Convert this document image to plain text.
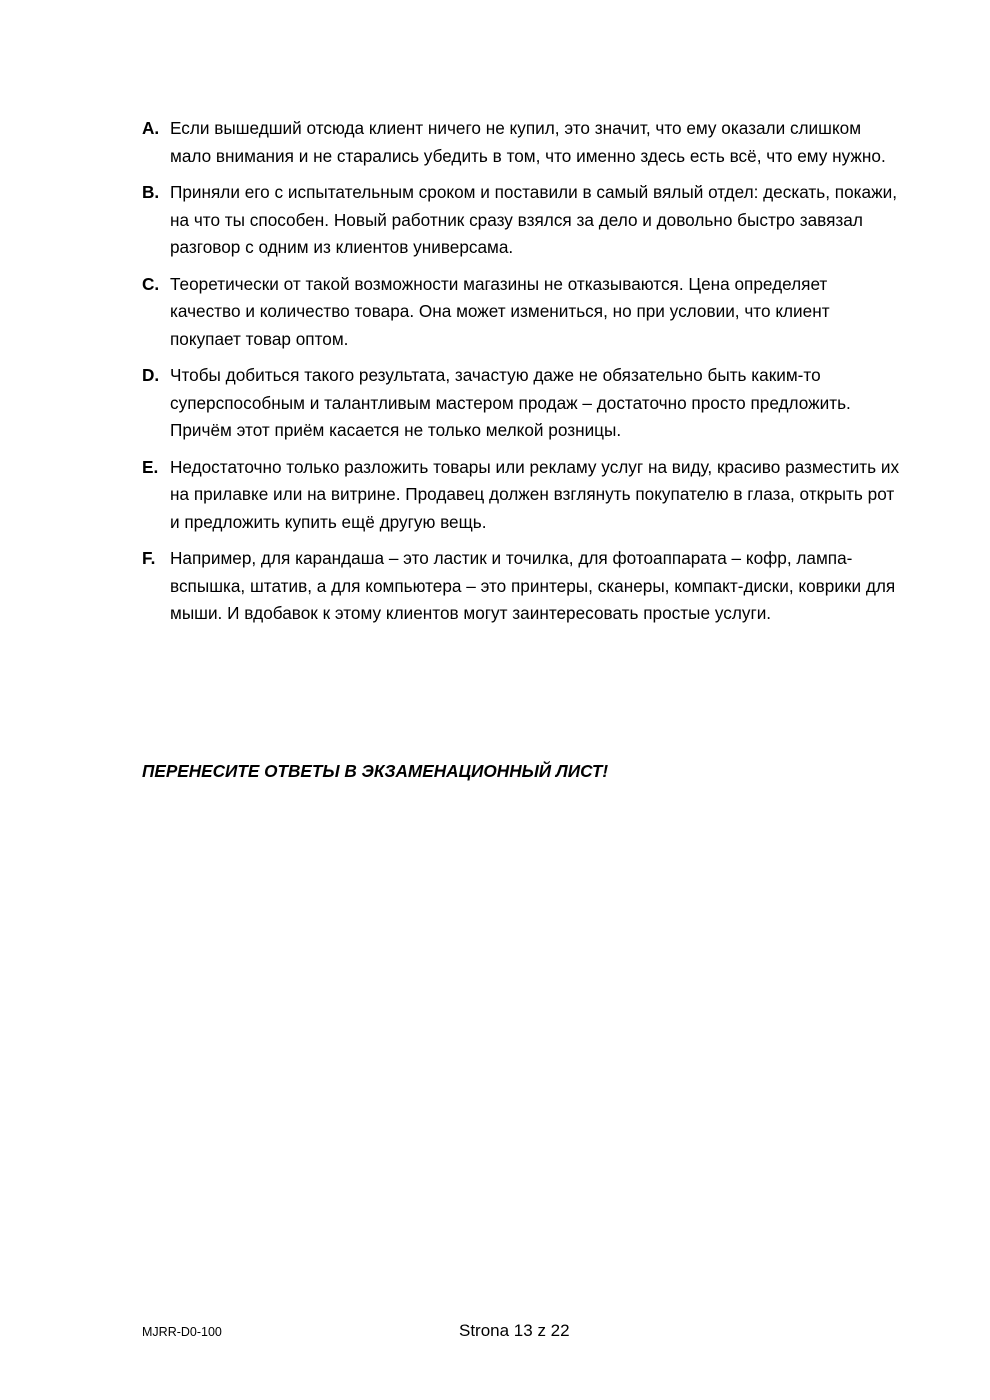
A. Если вышедший отсюда клиент ничего не купил, это значит, что ему оказали слишком мало внимания и не старались убедить в том, что именно здесь есть всё, что ему нужно.
B. Приняли его с испытательным сроком и поставили в самый вялый отдел: дескать, покажи, на что ты способен. Новый работник сразу взялся за дело и довольно быстро завязал разговор с одним из клиентов универсама.
C. Теоретически от такой возможности магазины не отказываются. Цена определяет качество и количество товара. Она может измениться, но при условии, что клиент покупает товар оптом.
D. Чтобы добиться такого результата, зачастую даже не обязательно быть каким-то суперспособным и талантливым мастером продаж – достаточно просто предложить. Причём этот приём касается не только мелкой розницы.
E. Недостаточно только разложить товары или рекламу услуг на виду, красиво разместить их на прилавке или на витрине. Продавец должен взглянуть покупателю в глаза, открыть рот и предложить купить ещё другую вещь.
F. Например, для карандаша – это ластик и точилка, для фотоаппарата – кофр, лампа-вспышка, штатив, а для компьютера – это принтеры, сканеры, компакт-диски, коврики для мыши. И вдобавок к этому клиентов могут заинтересовать простые услуги.
ПЕРЕНЕСИТЕ ОТВЕТЫ В ЭКЗАМЕНАЦИОННЫЙ ЛИСТ!
MJRR-D0-100	Strona 13 z 22
